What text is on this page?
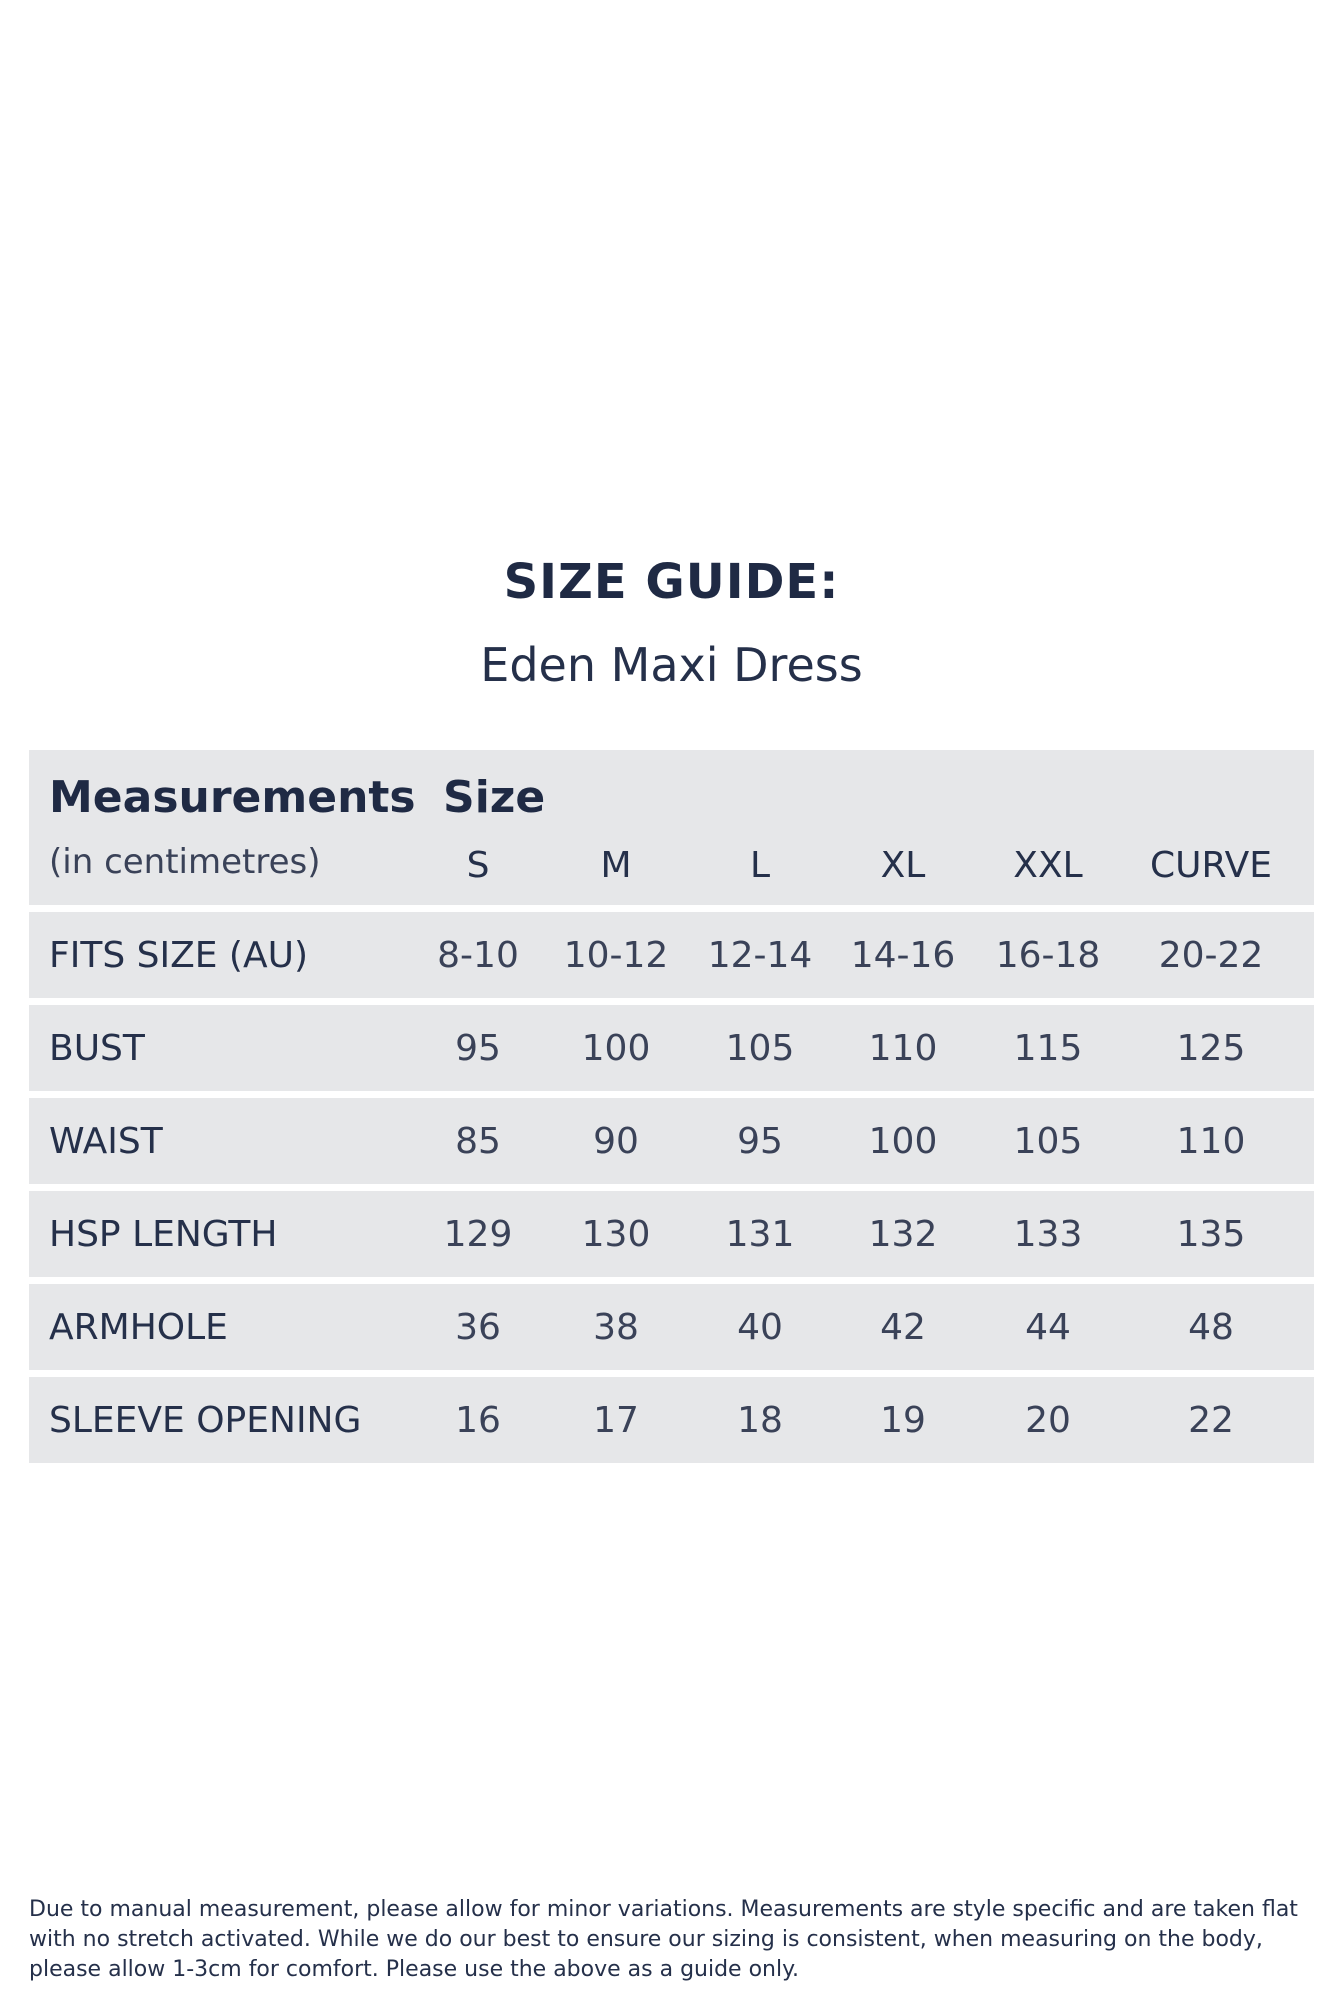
SIZE GUIDE:
Eden Maxi Dress
Measurements
(in centimetres)
Size
S	M	L	XL XXL CURVE
FITS SIZE (AU)	8-10 10-12 12-14 14-16 16-18 20-22
BUST	95 100 105 110 115	125
WAIST	85	90	95 100 105	110
HSP LENGTH	129 130 131 132 133	135
ARMHOLE	36	38	40	42	44	48
SLEEVE OPENING	16	17	18	19	20	22
Due to manual measurement, please allow for minor variations. Measurements are style specific and are taken flat with no stretch activated. While we do our best to ensure our sizing is consistent, when measuring on the body, please allow 1-3cm for comfort. Please use the above as a guide only.
